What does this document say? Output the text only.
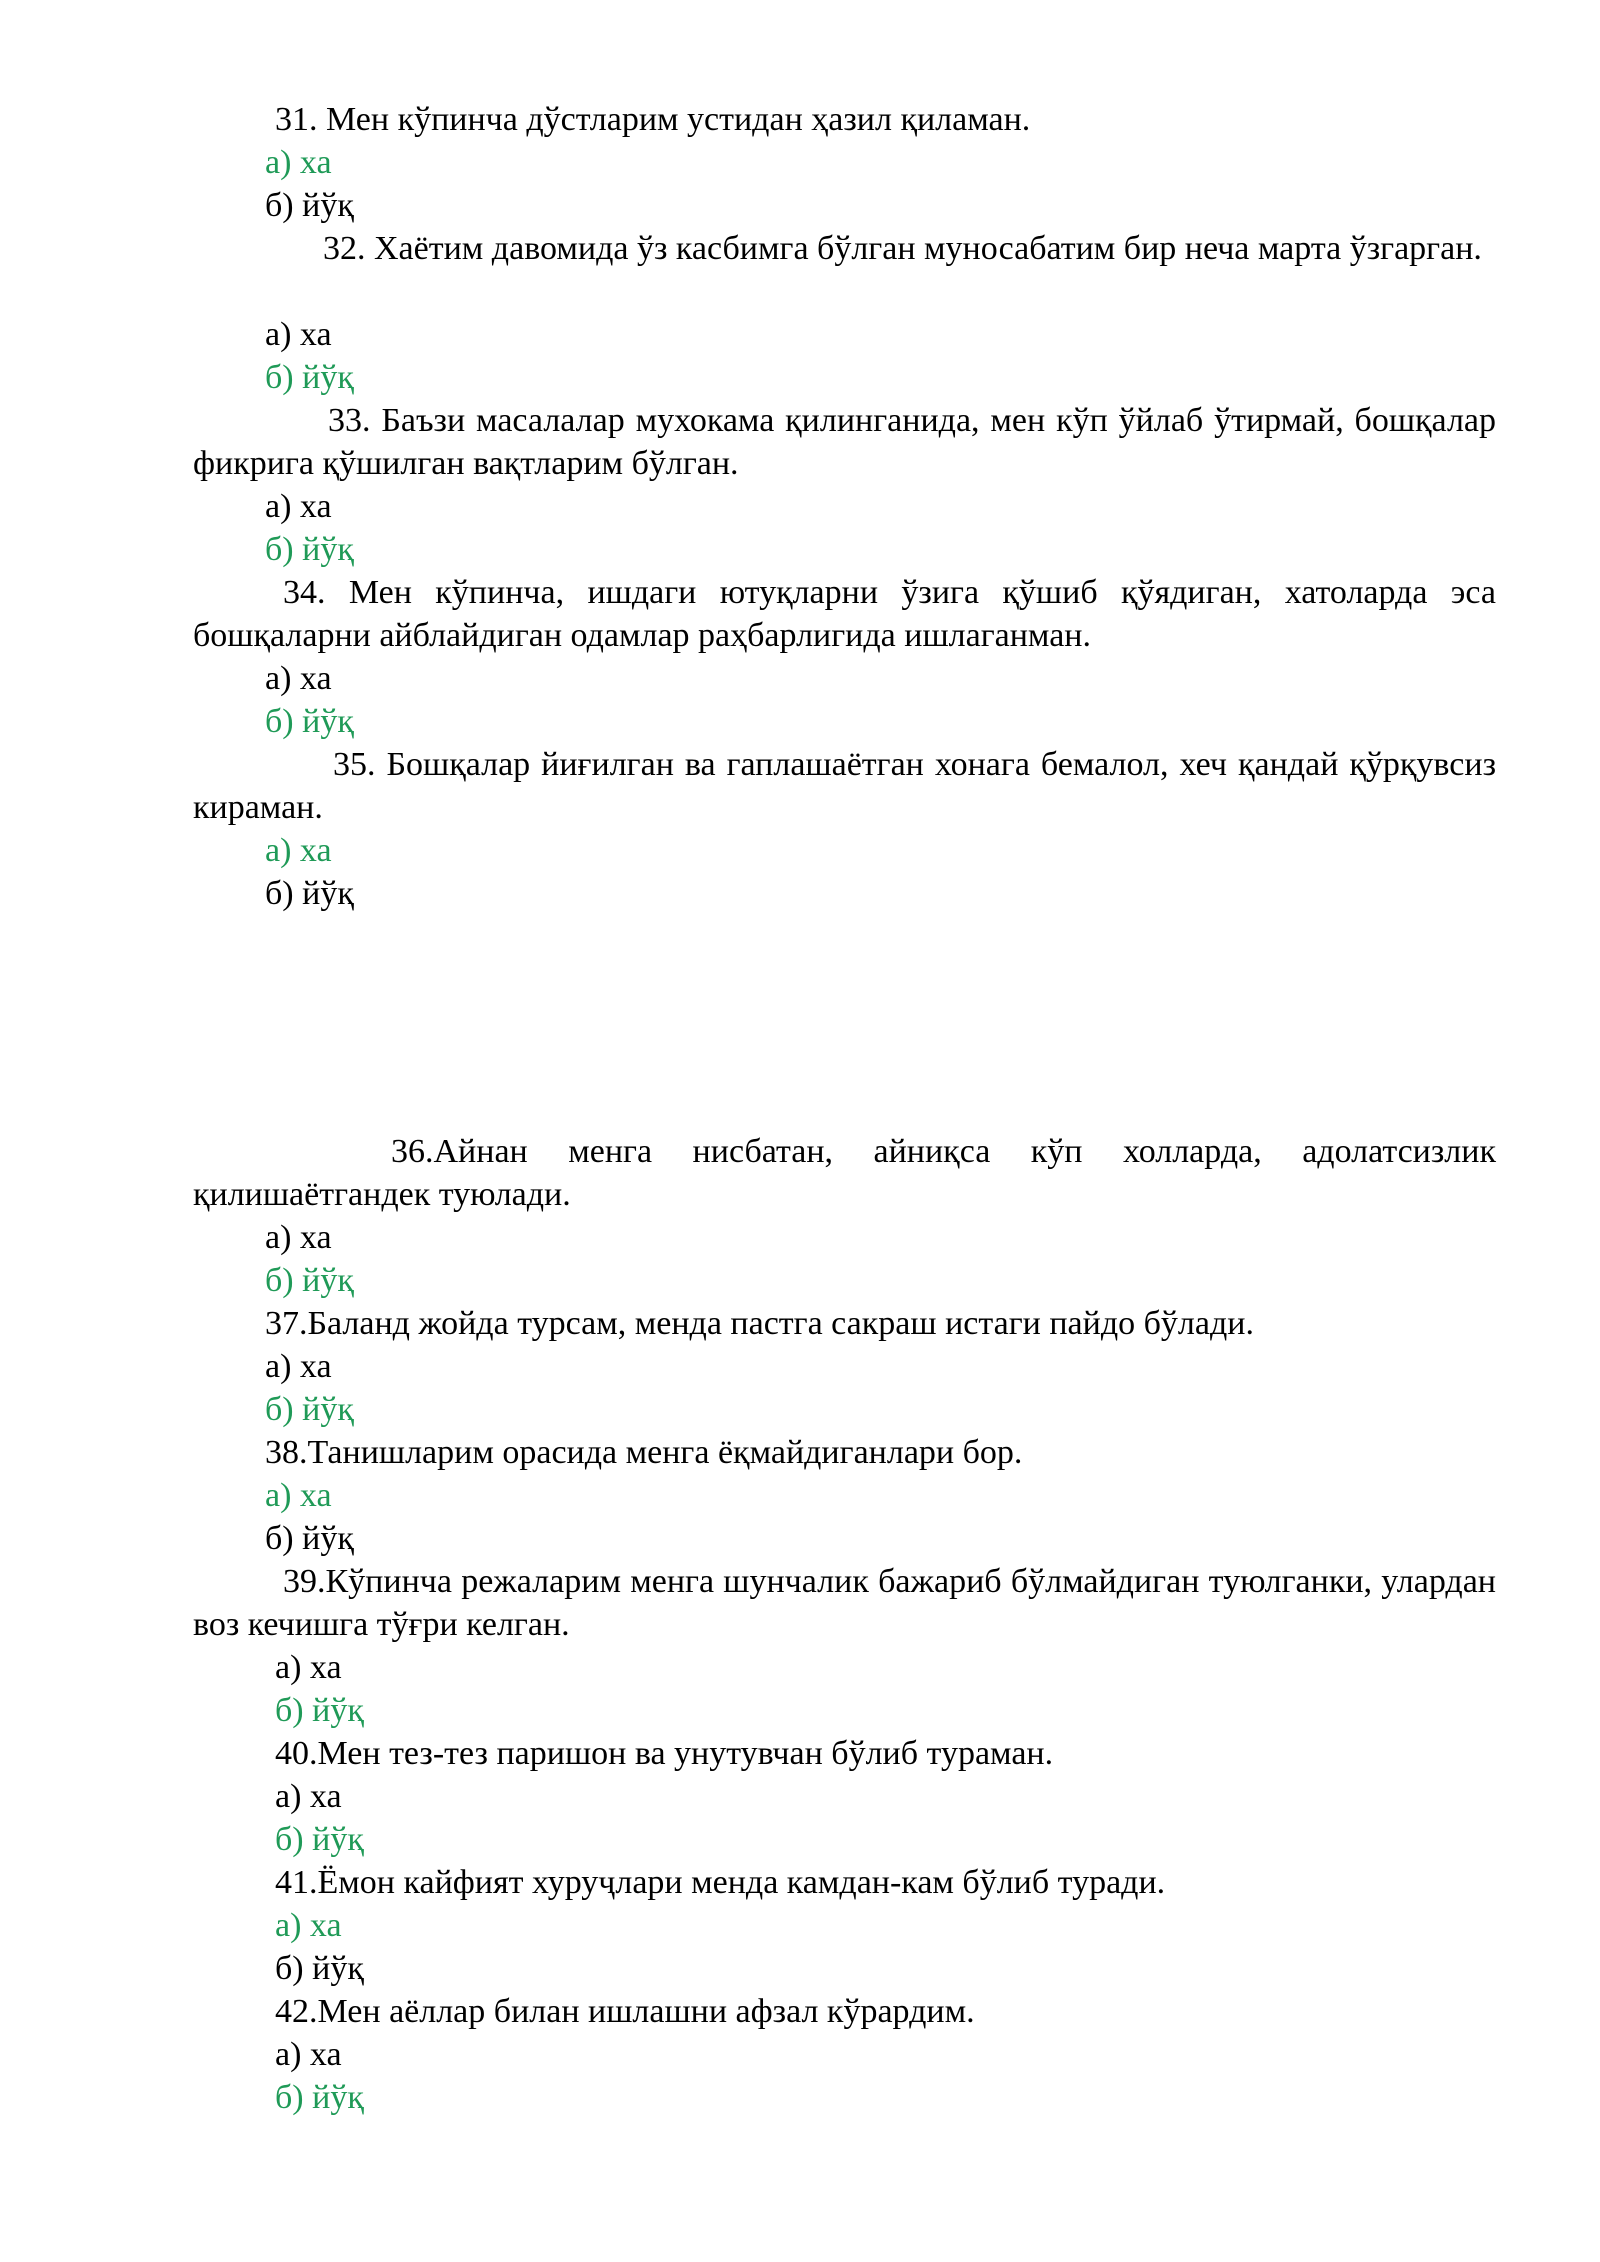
31. Мен кўпинча дўстларим устидан ҳазил қиламан.
а) ха
б) йўқ
32. Хаётим давомида ўз касбимга бўлган муносабатим бир неча марта ўзгарган.
а) ха
б) йўқ
33. Баъзи масалалар мухокама қилинганида, мен кўп ўйлаб ўтирмай, бошқалар фикрига қўшилган вақтларим бўлган.
а) ха
б) йўқ
34. Мен кўпинча, ишдаги ютуқларни ўзига қўшиб қўядиган, хатоларда эса бошқаларни айблайдиган одамлар раҳбарлигида ишлаганман.
а) ха
б) йўқ
35. Бошқалар йиғилган ва гаплашаётган хонага бемалол, хеч қандай қўрқувсиз кираман.
а) ха
б) йўқ
36.Айнан менга нисбатан, айниқса кўп холларда, адолатсизлик қилишаётгандек туюлади.
а) ха
б) йўқ
37.Баланд жойда турсам, менда пастга сакраш истаги пайдо бўлади.
а) ха
б) йўқ
38.Танишларим орасида менга ёқмайдиганлари бор.
а) ха
б) йўқ
39.Кўпинча режаларим менга шунчалик бажариб бўлмайдиган туюлганки, улардан воз кечишга тўғри келган.
а) ха
б) йўқ
40.Мен тез-тез паришон ва унутувчан бўлиб тураман.
а) ха
б) йўқ
41.Ёмон кайфият хуруҷлари менда камдан-кам бўлиб туради.
а) ха
б) йўқ
42.Мен аёллар билан ишлашни афзал кўрардим.
а) ха
б) йўқ
